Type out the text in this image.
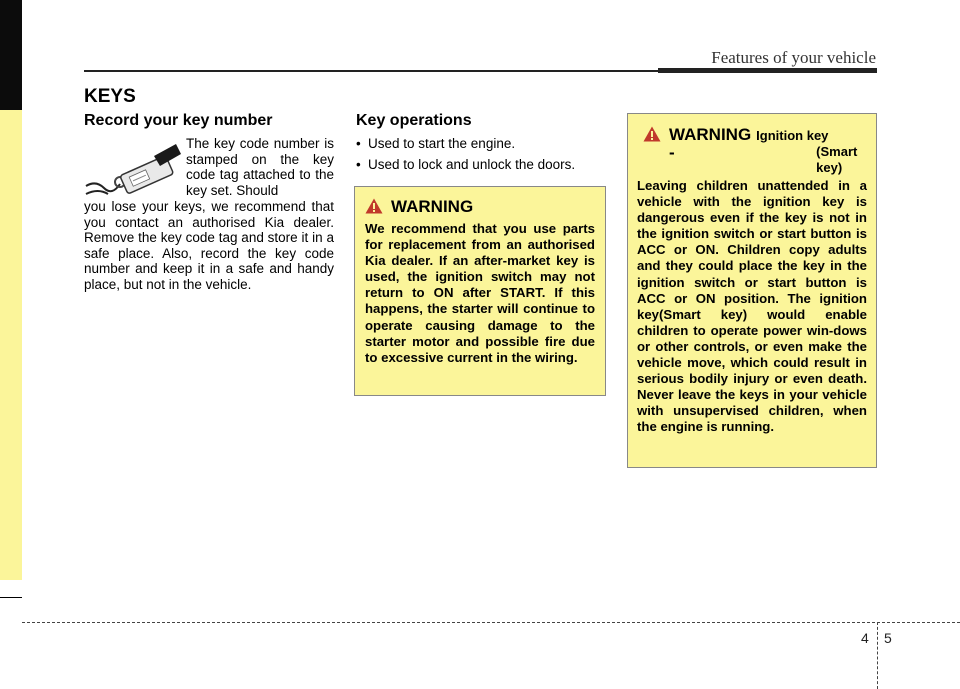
Features of your vehicle
KEYS
Record your key number
The key code number is stamped on the key code tag attached to the key set. Should
you lose your keys, we recommend that you contact an authorised Kia dealer. Remove the key code tag and store it in a safe place. Also, record the key code number and keep it in a safe and handy place, but not in the vehicle.
Key operations
• Used to start the engine.
• Used to lock and unlock the doors.
WARNING
We recommend that you use parts for replacement from an authorised Kia dealer. If an after-market key is used, the ignition switch may not return to ON after START. If this happens, the starter will continue to operate causing damage to the starter motor and possible fire due to excessive current in the wiring.
WARNING -
Ignition key
(Smart key)
Leaving children unattended in a vehicle with the ignition key is dangerous even if the key is not in the ignition switch or start button is ACC or ON. Children copy adults and they could place the key in the ignition switch or start button is ACC or ON position. The ignition key(Smart key) would enable children to operate power win-dows or other controls, or even make the vehicle move, which could result in serious bodily injury or even death. Never leave the keys in your vehicle with unsupervised children, when the engine is running.
4 5
